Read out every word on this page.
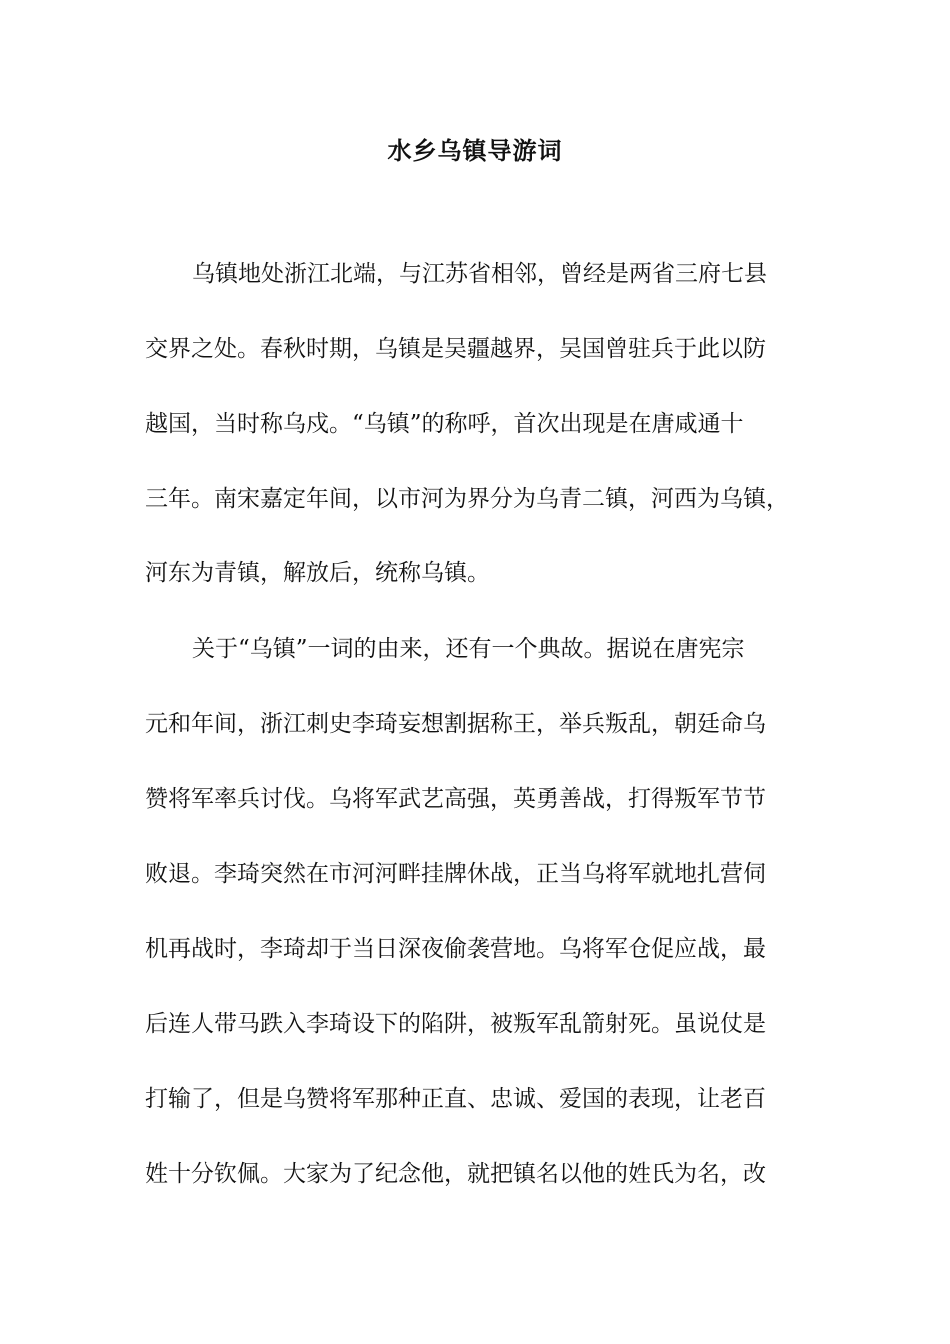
水乡乌镇导游词
乌镇地处浙江北端，与江苏省相邻，曾经是两省三府七县
交界之处。春秋时期，乌镇是吴疆越界，吴国曾驻兵于此以防
越国，当时称乌戍。“乌镇”的称呼，首次出现是在唐咸通十
三年。南宋嘉定年间，以市河为界分为乌青二镇，河西为乌镇，
河东为青镇，解放后，统称乌镇。
关于“乌镇”一词的由来，还有一个典故。据说在唐宪宗
元和年间，浙江刺史李琦妄想割据称王，举兵叛乱，朝廷命乌
赞将军率兵讨伐。乌将军武艺高强，英勇善战，打得叛军节节
败退。李琦突然在市河河畔挂牌休战，正当乌将军就地扎营伺
机再战时，李琦却于当日深夜偷袭营地。乌将军仓促应战，最
后连人带马跌入李琦设下的陷阱，被叛军乱箭射死。虽说仗是
打输了，但是乌赞将军那种正直、忠诚、爱国的表现，让老百
姓十分钦佩。大家为了纪念他，就把镇名以他的姓氏为名，改
